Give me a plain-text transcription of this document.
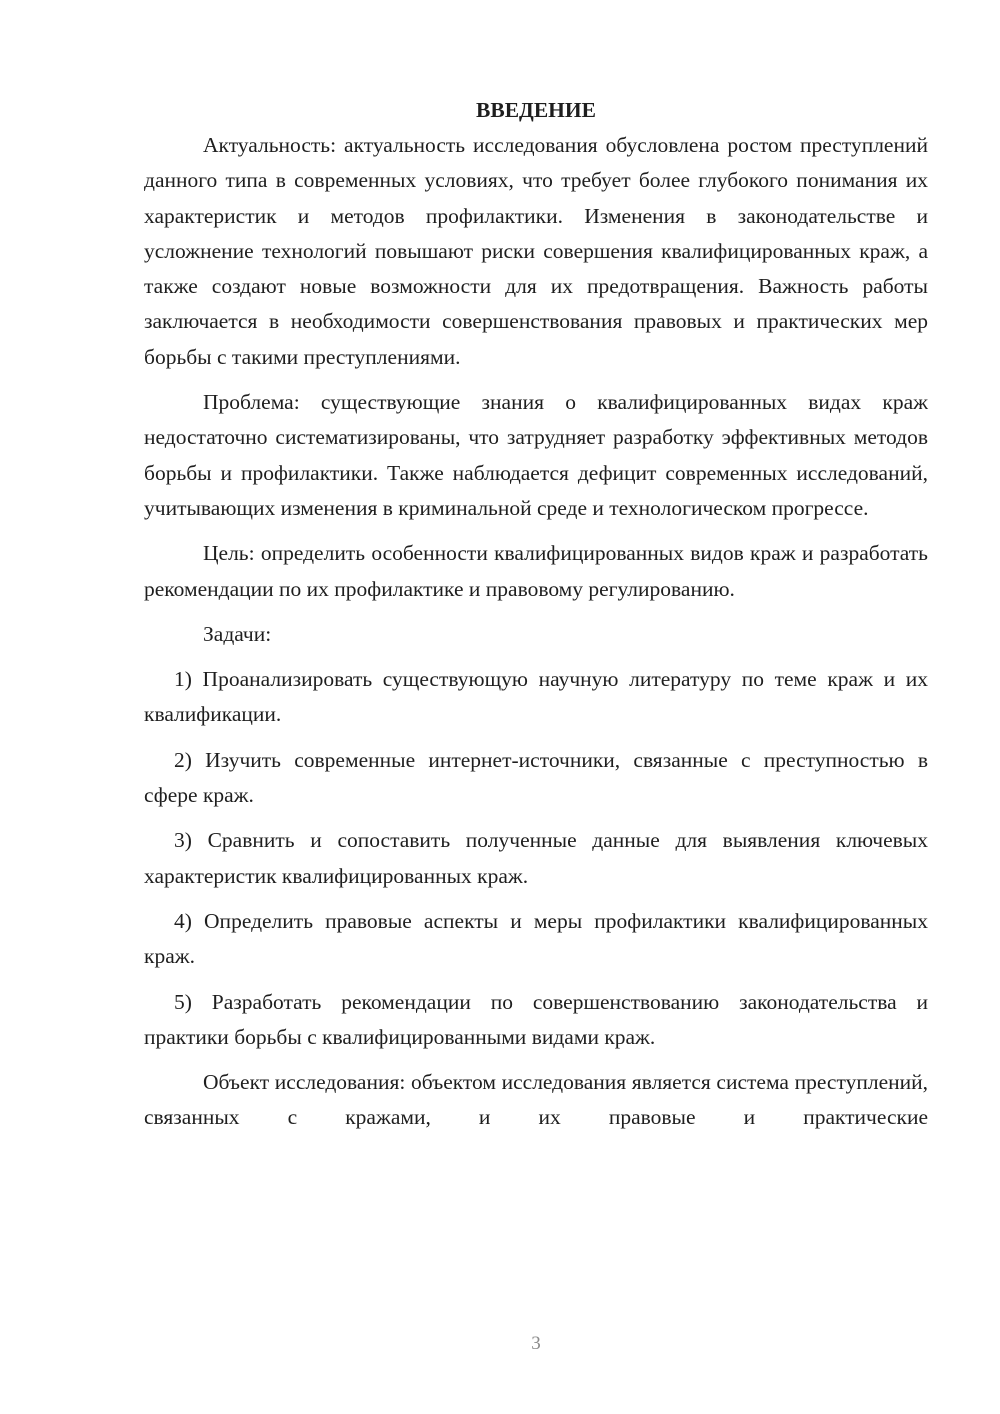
ВВЕДЕНИЕ

Актуальность: актуальность исследования обусловлена ростом преступлений данного типа в современных условиях, что требует более глубокого понимания их характеристик и методов профилактики. Изменения в законодательстве и усложнение технологий повышают риски совершения квалифицированных краж, а также создают новые возможности для их предотвращения. Важность работы заключается в необходимости совершенствования правовых и практических мер борьбы с такими преступлениями.

Проблема: существующие знания о квалифицированных видах краж недостаточно систематизированы, что затрудняет разработку эффективных методов борьбы и профилактики. Также наблюдается дефицит современных исследований, учитывающих изменения в криминальной среде и технологическом прогрессе.

Цель: определить особенности квалифицированных видов краж и разработать рекомендации по их профилактике и правовому регулированию.

Задачи:

1) Проанализировать существующую научную литературу по теме краж и их квалификации.

2) Изучить современные интернет-источники, связанные с преступностью в сфере краж.

3) Сравнить и сопоставить полученные данные для выявления ключевых характеристик квалифицированных краж.

4) Определить правовые аспекты и меры профилактики квалифицированных краж.

5) Разработать рекомендации по совершенствованию законодательства и практики борьбы с квалифицированными видами краж.

Объект исследования: объектом исследования является система преступлений, связанных с кражами, и их правовые и практические

3
